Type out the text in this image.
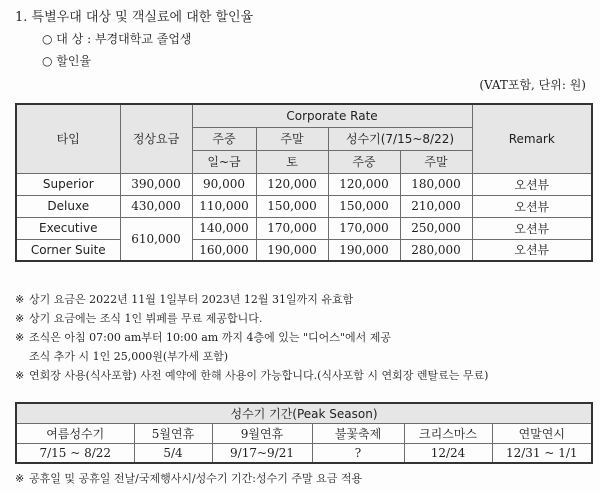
1. 특별우대 대상 및 객실료에 대한 할인율
○ 대 상 : 부경대학교 졸업생
○ 할인율
(VAT포함, 단위: 원)
타입	정상요금	Corporate Rate				Remark
		주중	주말	성수기(7/15~8/22)		
		일~금	토	주중	주말	
Superior	390,000	90,000	120,000	120,000	180,000	오션뷰
Deluxe	430,000	110,000	150,000	150,000	210,000	오션뷰
Executive	610,000	140,000	170,000	170,000	250,000	오션뷰
Corner Suite		160,000	190,000	190,000	280,000	오션뷰
※ 상기 요금은 2022년 11월 1일부터 2023년 12월 31일까지 유효함
※ 상기 요금에는 조식 1인 뷔페를 무료 제공합니다.
※ 조식은 아침 07:00 am부터 10:00 am 까지 4층에 있는 "디어스"에서 제공
조식 추가 시 1인 25,000원(부가세 포함)
※ 연회장 사용(식사포함) 사전 예약에 한해 사용이 가능합니다.(식사포함 시 연회장 렌탈료는 무료)
성수기 기간(Peak Season)					
여름성수기	5월연휴	9월연휴	불꽃축제	크리스마스	연말연시
7/15 ~ 8/22	5/4	9/17~9/21	?	12/24	12/31 ~ 1/1
※ 공휴일 및 공휴일 전날/국제행사시/성수기 기간:성수기 주말 요금 적용
